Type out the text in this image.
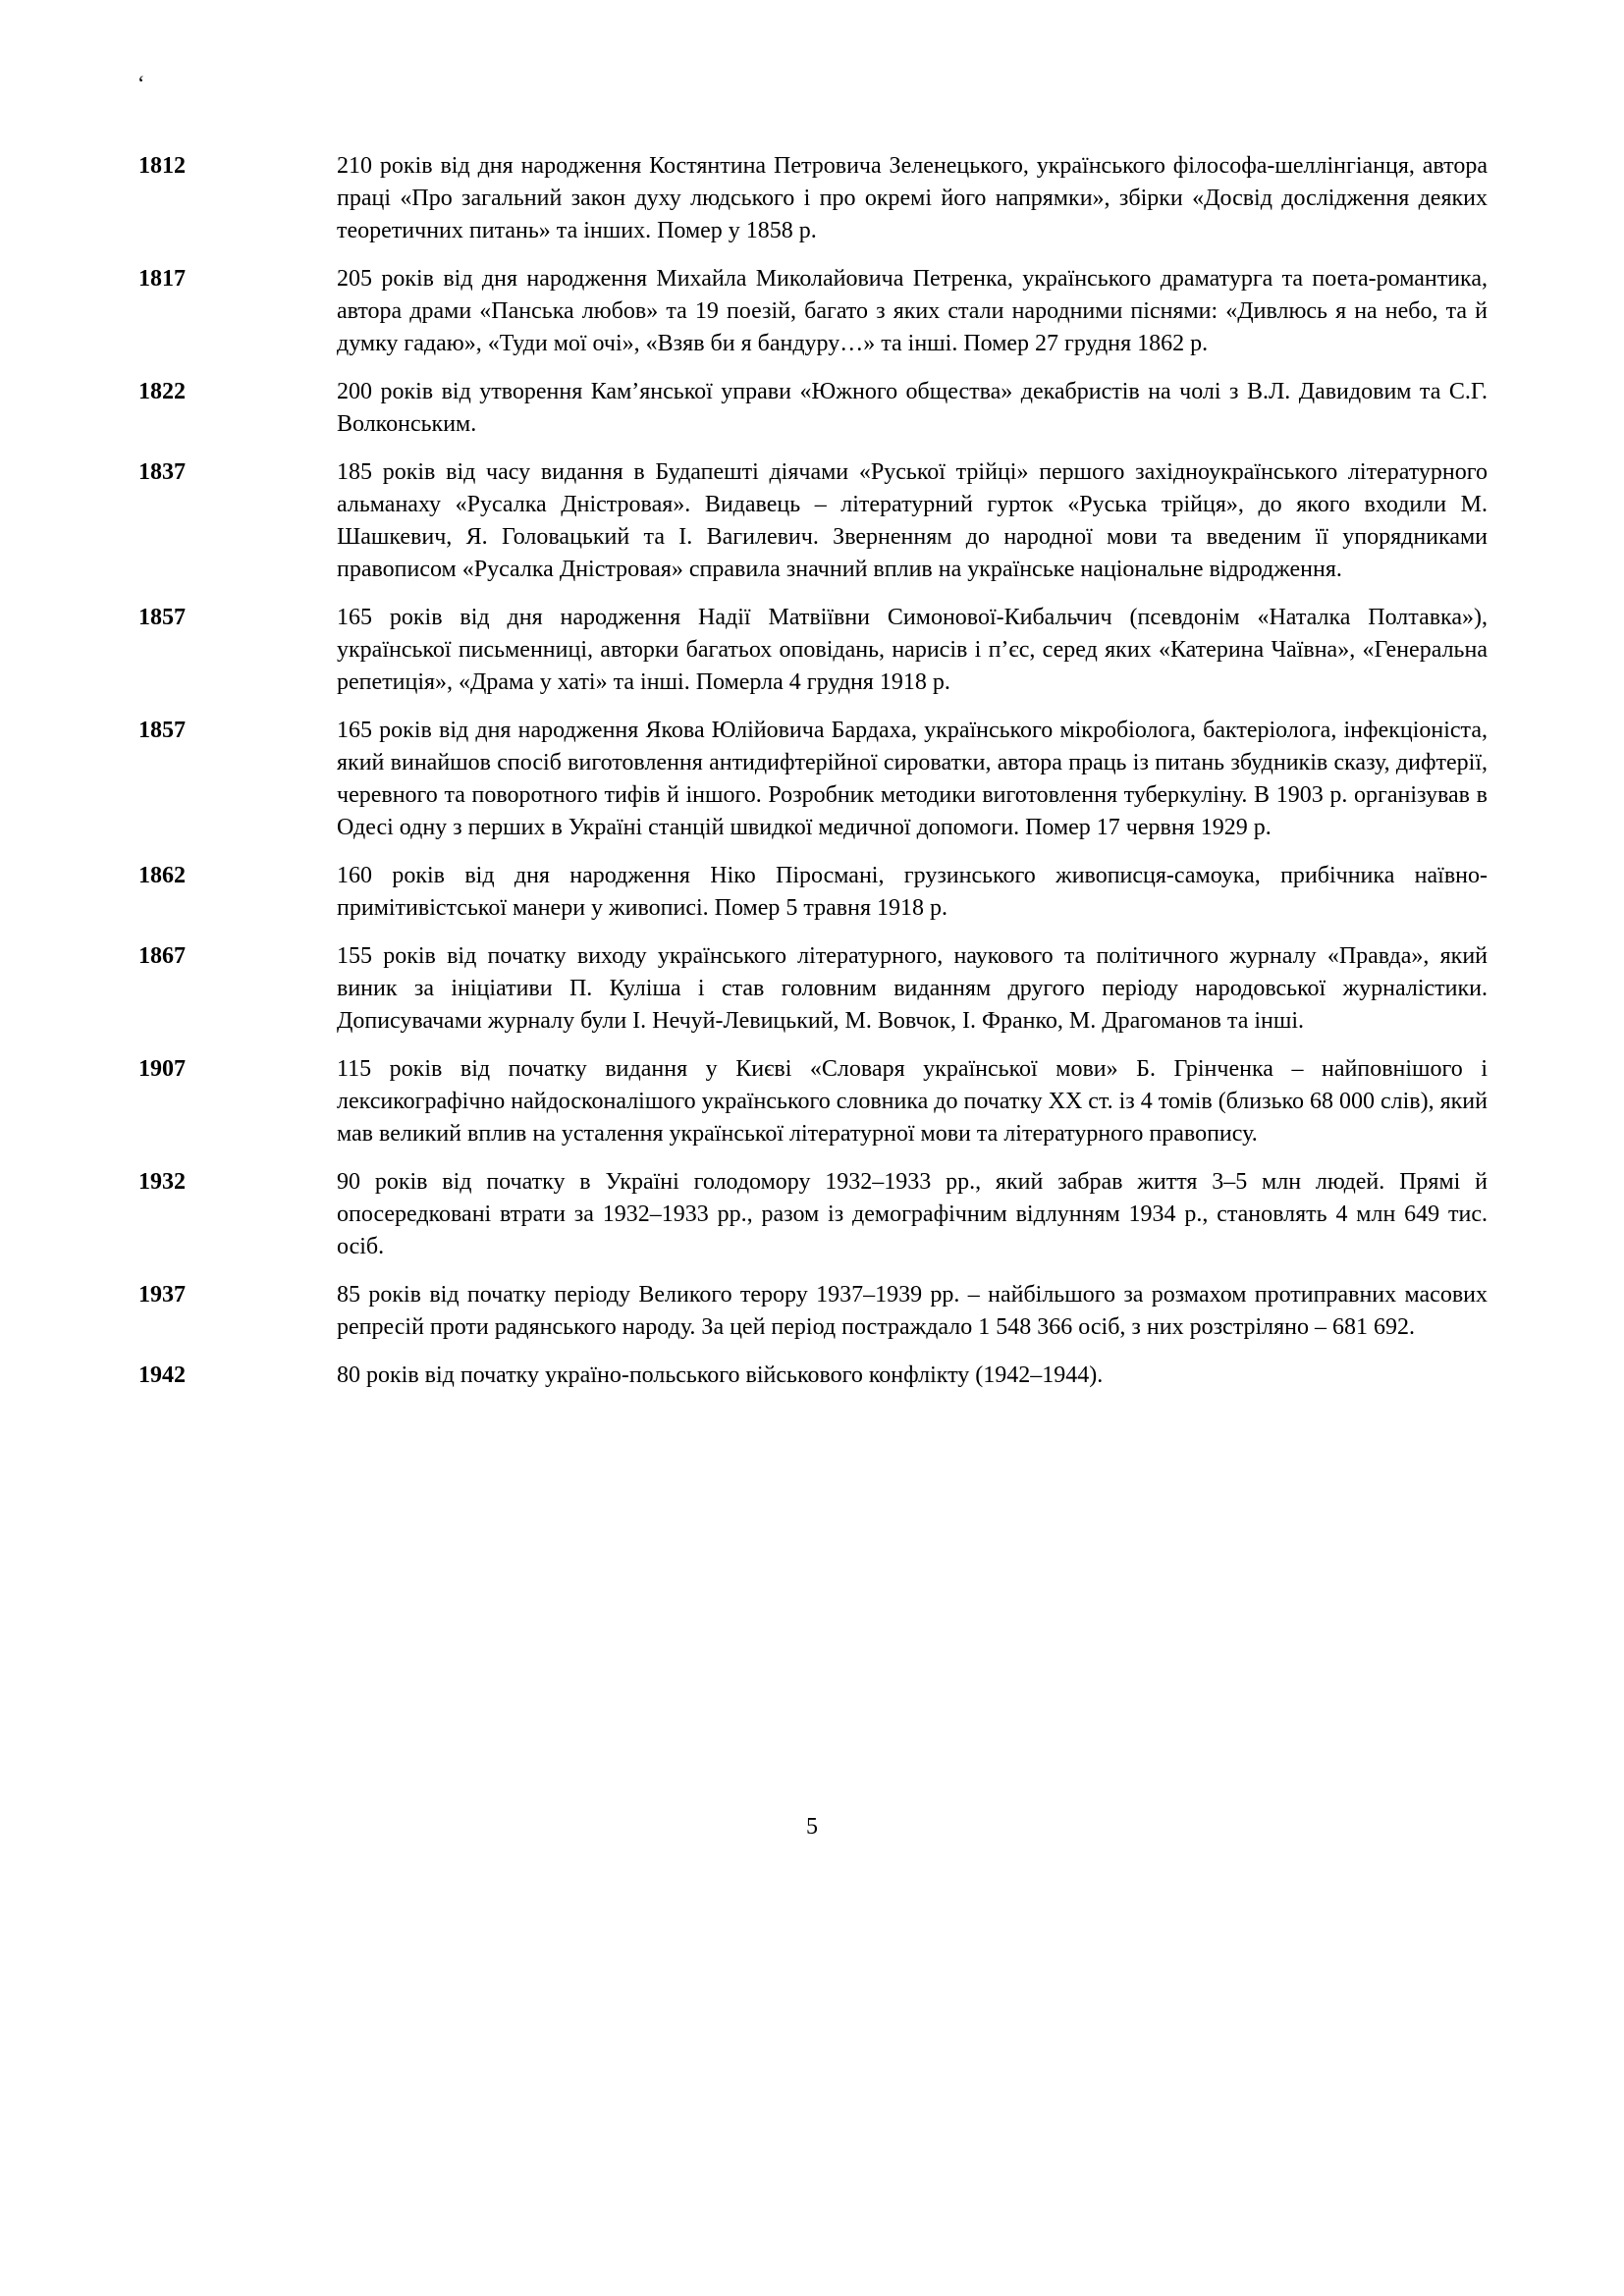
‘
1812	210 років від дня народження Костянтина Петровича Зеленецького, українського філософа-шеллінгіанця, автора праці «Про загальний закон духу людського і про окремі його напрямки», збірки «Досвід дослідження деяких теоретичних питань» та інших. Помер у 1858 р.
1817	205 років від дня народження Михайла Миколайовича Петренка, українського драматурга та поета-романтика, автора драми «Панська любов» та 19 поезій, багато з яких стали народними піснями: «Дивлюсь я на небо, та й думку гадаю», «Туди мої очі», «Взяв би я бандуру…» та інші. Помер 27 грудня 1862 р.
1822	200 років від утворення Кам’янської управи «Южного общества» декабристів на чолі з В.Л. Давидовим та С.Г. Волконським.
1837	185 років від часу видання в Будапешті діячами «Руської трійці» першого західноукраїнського літературного альманаху «Русалка Дністровая». Видавець – літературний гурток «Руська трійця», до якого входили М. Шашкевич, Я. Головацький та І. Вагилевич. Зверненням до народної мови та введеним її упорядниками правописом «Русалка Дністровая» справила значний вплив на українське національне відродження.
1857	165 років від дня народження Надії Матвіївни Симонової-Кибальчич (псевдонім «Наталка Полтавка»), української письменниці, авторки багатьох оповідань, нарисів і п’єс, серед яких «Катерина Чаївна», «Генеральна репетиція», «Драма у хаті» та інші. Померла 4 грудня 1918 р.
1857	165 років від дня народження Якова Юлійовича Бардаха, українського мікробіолога, бактеріолога, інфекціоніста, який винайшов спосіб виготовлення антидифтерійної сироватки, автора праць із питань збудників сказу, дифтерії, черевного та поворотного тифів й іншого. Розробник методики виготовлення туберкуліну. В 1903 р. організував в Одесі одну з перших в Україні станцій швидкої медичної допомоги. Помер 17 червня 1929 р.
1862	160 років від дня народження Ніко Піросмані, грузинського живописця-самоука, прибічника наївно-примітивістської манери у живописі. Помер 5 травня 1918 р.
1867	155 років від початку виходу українського літературного, наукового та політичного журналу «Правда», який виник за ініціативи П. Куліша і став головним виданням другого періоду народовської журналістики. Дописувачами журналу були І. Нечуй-Левицький, М. Вовчок, І. Франко, М. Драгоманов та інші.
1907	115 років від початку видання у Києві «Словаря української мови» Б. Грінченка – найповнішого і лексикографічно найдосконалішого українського словника до початку ХХ ст. із 4 томів (близько 68 000 слів), який мав великий вплив на усталення української літературної мови та літературного правопису.
1932	90 років від початку в Україні голодомору 1932–1933 рр., який забрав життя 3–5 млн людей. Прямі й опосередковані втрати за 1932–1933 рр., разом із демографічним відлунням 1934 р., становлять 4 млн 649 тис. осіб.
1937	85 років від початку періоду Великого терору 1937–1939 рр. – найбільшого за розмахом протиправних масових репресій проти радянського народу. За цей період постраждало 1 548 366 осіб, з них розстріляно – 681 692.
1942	80 років від початку україно-польського військового конфлікту (1942–1944).
5
